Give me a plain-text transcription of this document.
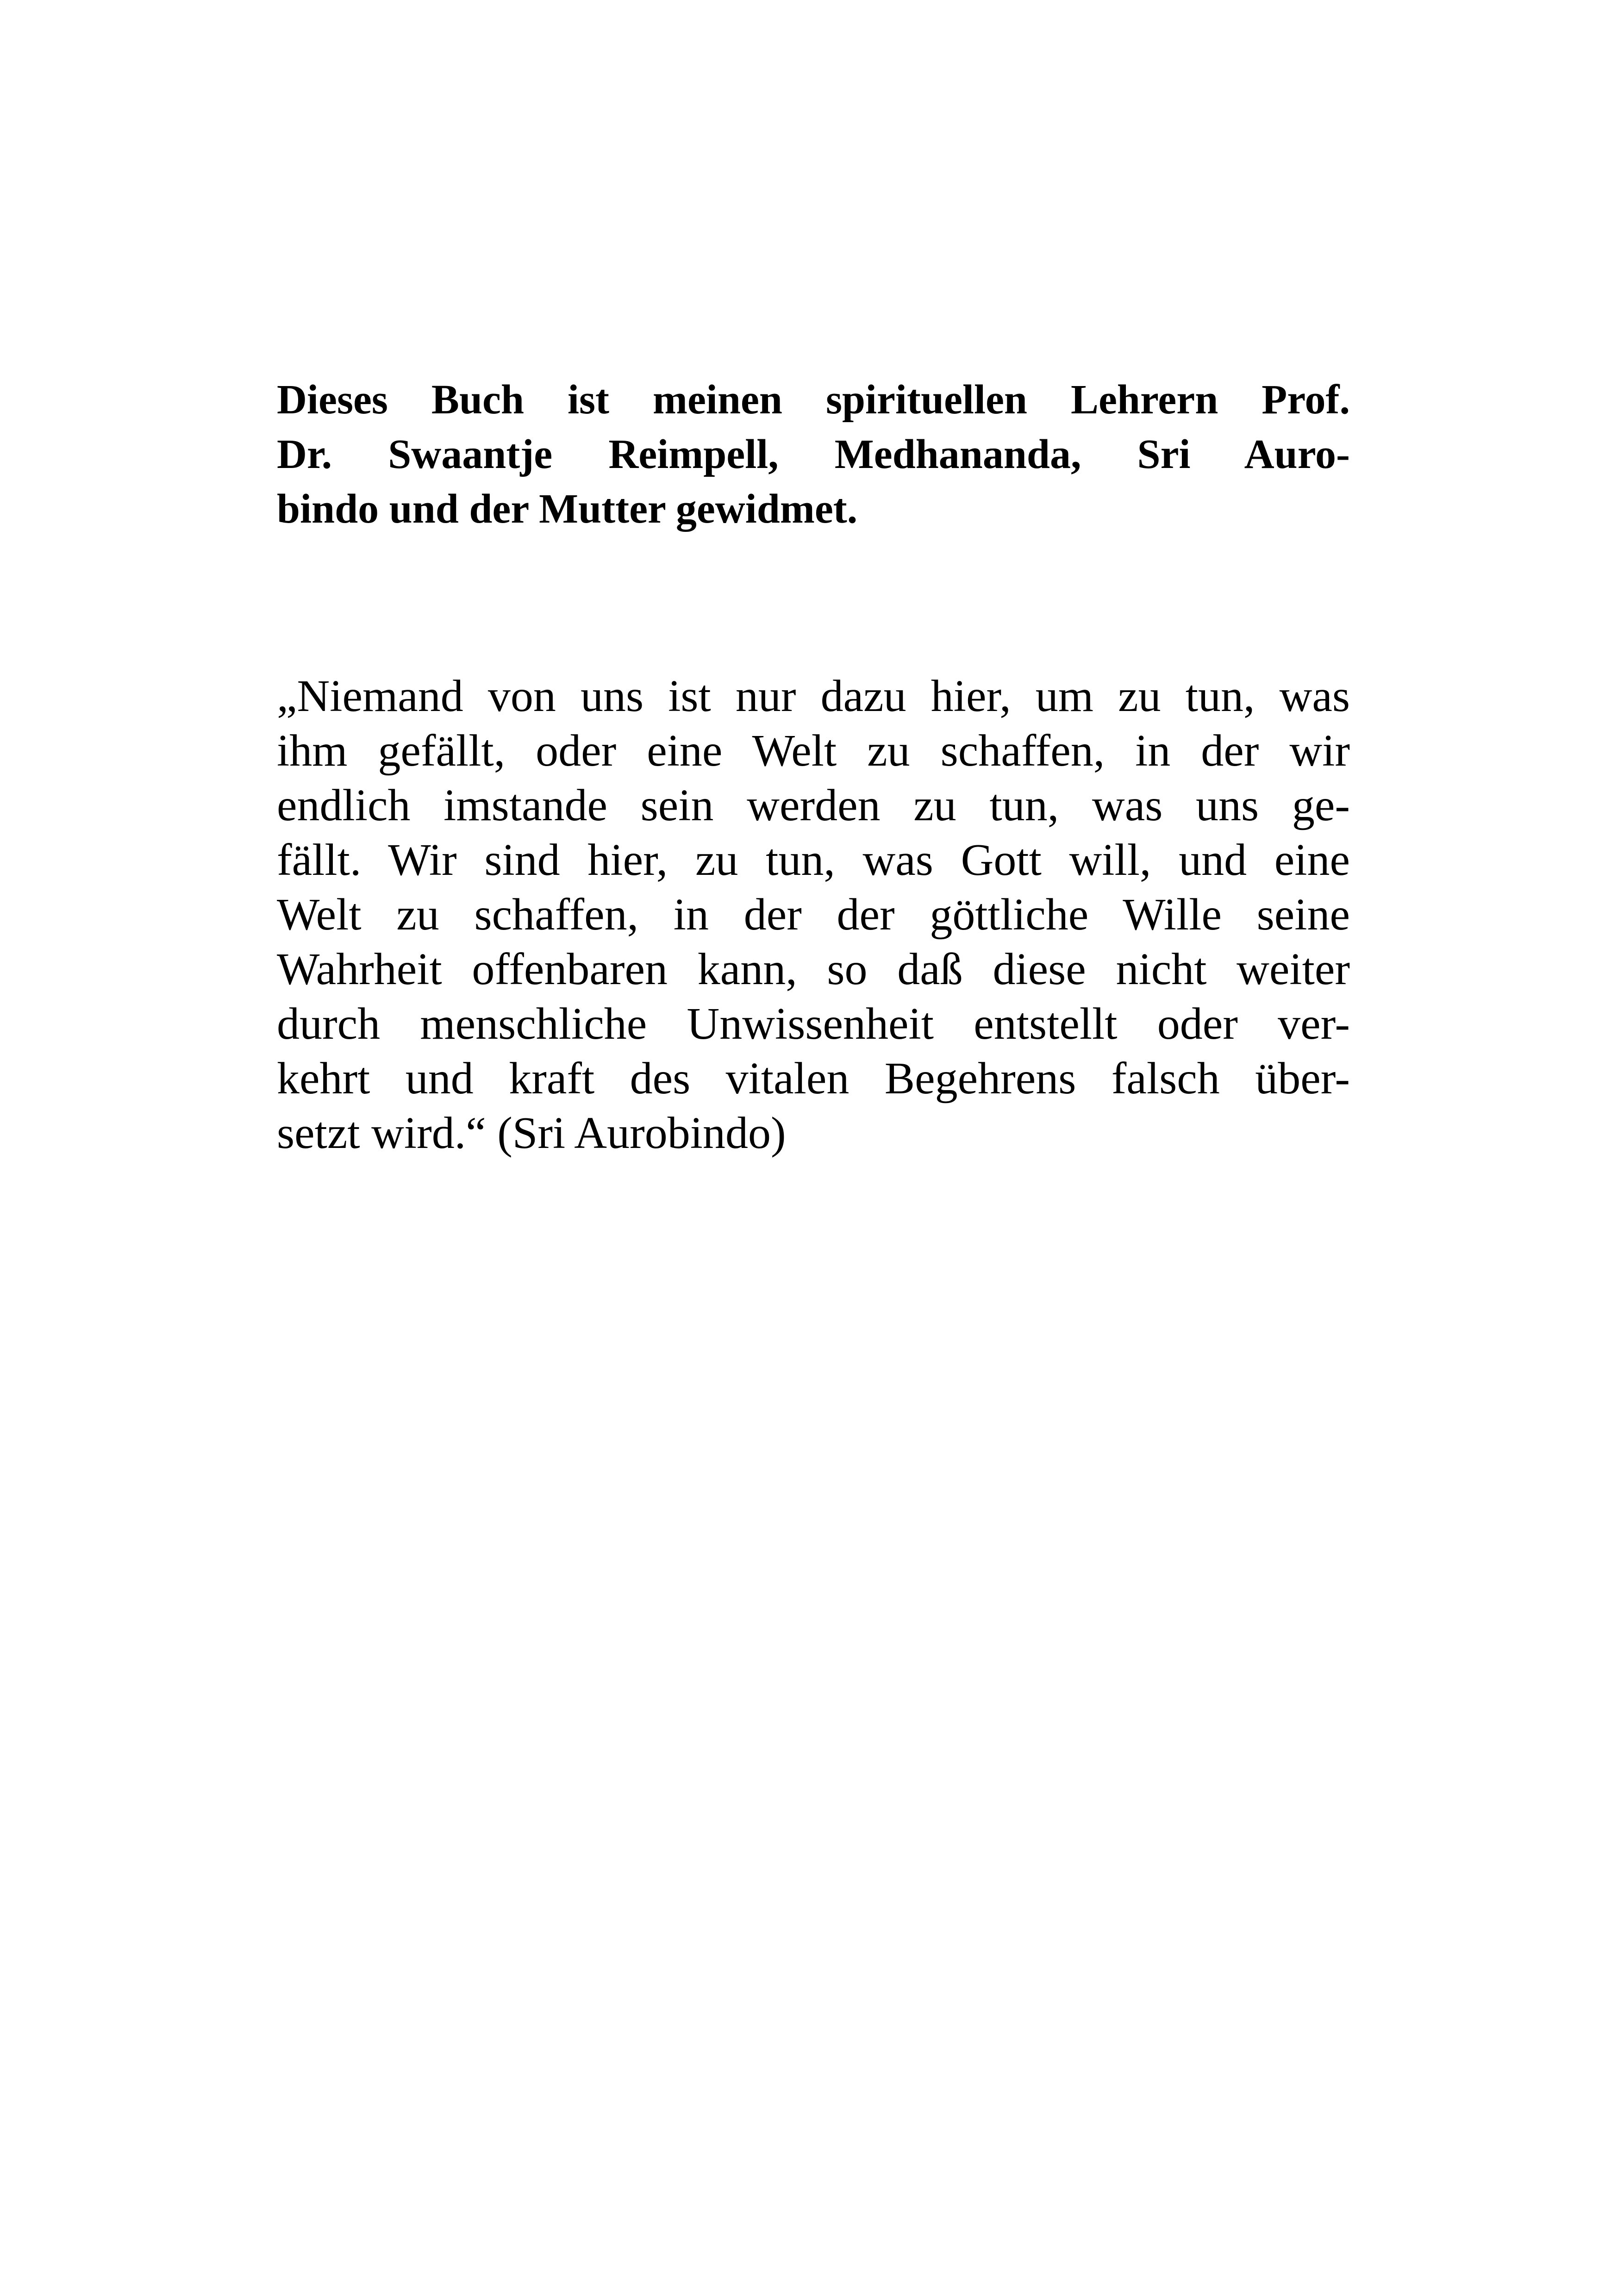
Dieses Buch ist meinen spirituellen Lehrern Prof.
Dr. Swaantje Reimpell, Medhananda, Sri Auro-
bindo und der Mutter gewidmet.
„Niemand von uns ist nur dazu hier, um zu tun, was
ihm gefällt, oder eine Welt zu schaffen, in der wir
endlich imstande sein werden zu tun, was uns ge-
fällt. Wir sind hier, zu tun, was Gott will, und eine
Welt zu schaffen, in der der göttliche Wille seine
Wahrheit offenbaren kann, so daß diese nicht weiter
durch menschliche Unwissenheit entstellt oder ver-
kehrt und kraft des vitalen Begehrens falsch über-
setzt wird.“ (Sri Aurobindo)
